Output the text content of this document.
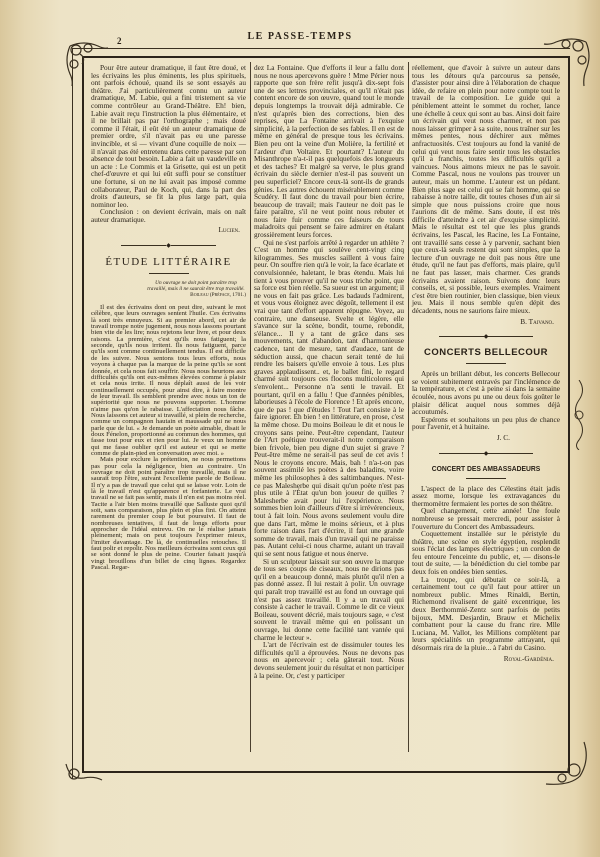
2	LE PASSE-TEMPS

Pour être auteur dramatique, il faut être doué, et les écrivains les plus éminents, les plus spirituels, ont parfois échoué, quand ils se sont essayés au théâtre. J'ai particulièrement connu un auteur dramatique, M. Labie, qui a fini tristement sa vie comme contrôleur au Grand-Théâtre. Eh! bien, Labie avait reçu l'instruction la plus élémentaire, et il ne brillait pas par l'orthographe ; mais doué comme il l'était, il eût été un auteur dramatique de premier ordre, s'il n'avait pas eu une paresse invincible, et si — vivant d'une coquille de noix — il n'avait pas été entretenu dans cette paresse par son absence de tout besoin. Labie a fait un vaudeville en un acte : Le Commis et la Grisette, qui est un petit chef-d'œuvre et qui lui eût suffi pour se constituer une fortune, si on ne lui avait pas imposé comme collaborateur, Paul de Koch, qui, dans la part des droits d'auteurs, se fit la plus large part, quia nominor leo.

Conclusion : on devient écrivain, mais on naît auteur dramatique.

Lucien.
◆
ÉTUDE LITTÉRAIRE
Un ouvrage ne doit point paraître trop travaillé, mais il ne saurait être trop travaillé.
Boileau (Préface, 1701.)

Il est des écrivains dont on peut dire, suivant le mot célèbre, que leurs ouvrages sentent l'huile. Ces écrivains là sont très ennuyeux. Si au premier abord, cet air de travail trompe notre jugement, nous nous lassons pourtant bien vite de les lire; nous rejetons leur livre, et pour deux raisons. La première, c'est qu'ils nous fatiguent; la seconde, qu'ils nous irritent. Ils nous fatiguent, parce qu'ils sont comme continuellement tendus. Il est difficile de les suivre. Nous sentons tous leurs efforts, nous voyons à chaque pas la marque de la peine qu'ils se sont donnée, et cela nous fait souffrir. Nous nous heurtons aux difficultés qu'ils ont eux-mêmes élevées comme à plaisir et cela nous irrite. Il nous déplaît aussi de les voir continuellement occupés, pour ainsi dire, à faire montre de leur travail. Ils semblent prendre avec nous un ton de supériorité que nous ne pouvons supporter. L'homme n'aime pas qu'on le rabaisse. L'affectation nous fâche. Nous laissons cet auteur si travaillé, si plein de recherche, comme un compagnon hautain et maussade qui ne nous parle que de lui. « Je demande un poète aimable, disait le doux Fénelon, proportionné au commun des hommes, qui fasse tout pour eux et rien pour lui. Je veux un homme qui me fasse oublier qu'il est auteur et qui se mette comme de plain-pied en conversation avec moi. »

Mais pour exclure la prétention, ne nous permettons pas pour cela la négligence, bien au contraire. Un ouvrage ne doit point paraître trop travaillé, mais il ne saurait trop l'être, suivant l'excellente parole de Boileau. Il n'y a pas de travail que celui qui se laisse voir. Loin de là le travail n'est qu'apparence et forfanterie. Le vrai travail ne se fait pas sentir, mais il n'en est pas moins réel. Tacite a l'air bien moins travaillé que Salluste quoi qu'il soit, sans comparaison, plus plein et plus fini. On atteint rarement du premier coup le but poursuivi. Il faut de nombreuses tentatives, il faut de longs efforts pour approcher de l'idéal entrevu. On ne le réalise jamais pleinement; mais on peut toujours l'exprimer mieux, l'imiter davantage. De là, de continuelles retouches. Il faut polir et repolir. Nos meilleurs écrivains sont ceux qui se sont donné le plus de peine. Courier faisait jusqu'à vingt brouillons d'un billet de cinq lignes. Regardez Pascal. Regar-

dez La Fontaine. Que d'efforts il leur a fallu dont nous ne nous apercevons guère ! Mme Périer nous rapporte que son frère refit jusqu'à dix-sept fois une de ses lettres provinciales, et qu'il n'était pas content encore de son œuvre, quand tout le monde depuis longtemps la trouvait déjà admirable. Ce n'est qu'après bien des corrections, bien des reprises, que La Fontaine arrivait à l'exquise simplicité, à la perfection de ses fables. Il en est de même en général de presque tous les écrivains. Bien peu ont la veine d'un Molière, la fertilité et l'ardeur d'un Voltaire. Et pourtant? L'auteur du Misanthrope n'a-t-il pas quelquefois des longueurs et des taches? Et malgré sa verve, le plus grand écrivain du siècle dernier n'est-il pas souvent un peu superficiel? Encore ceux-là sont-ils de grands génies. Les autres échouent misérablement comme Scudéry. Il faut donc du travail pour bien écrire, beaucoup de travail; mais l'auteur ne doit pas le faire paraître, s'il ne veut point nous rebuter et nous faire fuir comme ces faiseurs de tours maladroits qui pensent se faire admirer en étalant grossièrement leurs forces.

Qui ne s'est parfois arrêté à regarder un athlète ? C'est un homme qui soulève cent-vingt cinq kilogrammes. Ses muscles saillent à vous faire peur. On souffre rien qu'à le voir, la face écarlate et convulsionnée, haletant, le bras étendu. Mais lui tient à vous prouver qu'il ne vous triche point, que sa force est bien réelle. Sa sueur est un argument; il ne vous en fait pas grâce. Les badauds l'admirent, et vous vous éloignez avec dégoût, tellement il est vrai que tant d'effort apparent répugne. Voyez, au contraire, une danseuse. Svelte et légère, elle s'avance sur la scène, bondit, tourne, rebondit, s'élance... Il y a tant de grâce dans ses mouvements, tant d'abandon, tant d'harmonieuse cadence, tant de mesure, tant d'audace, tant de séduction aussi, que chacun serait tenté de lui rendre les baisers qu'elle envoie à tous. Les plus graves applaudissent.. et, le ballet fini, le regard charmé suit toujours ces flocons multicolores qui s'envolent... Personne n'a senti le travail. Et pourtant, qu'il en a fallu ! Que d'années pénibles, laborieuses à l'école de Florence ! Et après encore, que de pas ! que d'études ! Tout l'art consiste à le faire ignorer. Eh bien ! en littérature, en prose, c'est la même chose. Du moins Boileau le dit et nous le croyons sans peine. Peut-être cependant, l'auteur de l'Art poétique trouverait-il notre comparaison bien frivole, bien peu digne d'un sujet si grave ? Peut-être même ne serait-il pas seul de cet avis ! Nous le croyons encore. Mais, bah ! n'a-t-on pas souvent assimilé les poètes à des baladins, voire même les philosophes à des saltimbanques. N'est-ce pas Malesherbe qui disait qu'un poète n'est pas plus utile à l'État qu'un bon joueur de quilles ? Malesherbe avait pour lui l'expérience. Nous sommes bien loin d'ailleurs d'être si irrévérencieux, tout à fait loin. Nous avons seulement voulu dire que dans l'art, même le moins sérieux, et à plus forte raison dans l'art d'écrire, il faut une grande somme de travail, mais d'un travail qui ne paraisse pas. Autant celui-ci nous charme, autant un travail qui se sent nous fatigue et nous énerve.

Si un sculpteur laissait sur son œuvre la marque de tous ses coups de ciseaux, nous ne dirions pas qu'il en a beaucoup donné, mais plutôt qu'il n'en a pas donné assez. Il lui restait à polir. Un ouvrage qui paraît trop travaillé est au fond un ouvrage qui n'est pas assez travaillé. Il y a un travail qui consiste à cacher le travail. Comme le dit ce vieux Boileau, souvent décrié, mais toujours sage, « c'est souvent le travail même qui en polissant un ouvrage, lui donne cette facilité tant vantée qui charme le lecteur ».

L'art de l'écrivain est de dissimuler toutes les difficultés qu'il a éprouvées. Nous ne devons pas nous en apercevoir ; cela gâterait tout. Nous devons seulement jouir du résultat et non participer à la peine. Or, c'est y participer

réellement, que d'avoir à suivre un auteur dans tous les détours qu'a parcourus sa pensée, d'assister pour ainsi dire à l'élaboration de chaque idée, de refaire en plein pour notre compte tout le travail de la composition. Le guide qui a péniblement atteint le sommet du rocher, lance une échelle à ceux qui sont au bas. Ainsi doit faire un écrivain qui veut nous charmer, et non pas nous laisser grimper à sa suite, nous traîner sur les mêmes pentes, nous déchirer aux mêmes anfractuosités. C'est toujours au fond la vanité de celui qui veut nous faire sentir tous les obstacles qu'il a franchis, toutes les difficultés qu'il a vaincues. Nous aimons mieux ne pas le savoir. Comme Pascal, nous ne voulons pas trouver un auteur, mais un homme. L'auteur est un pédant. Bien plus sage est celui qui se fait homme, qui se rabaisse à notre taille, dit toutes choses d'un air si simple que nous puissions croire que nous l'aurions dit de même. Sans doute, il est très difficile d'atteindre à cet air d'exquise simplicité. Mais le résultat est tel que les plus grands écrivains, les Pascal, les Racine, les La Fontaine, ont travaillé sans cesse à y parvenir, sachant bien que ceux-là seuls restent qui sont simples, que la lecture d'un ouvrage ne doit pas nous être une étude, qu'il ne faut pas d'efforts, mais plaire, qu'il ne faut pas lasser, mais charmer. Ces grands écrivains avaient raison. Suivons donc leurs conseils, et, si possible, leurs exemples. Vraiment c'est être bien routinier, bien classique, bien vieux jeu. Mais il nous semble qu'en dépit des décadents, nous ne saurions faire mieux.

B. Taivano.
◆
CONCERTS BELLECOUR

Après un brillant début, les concerts Bellecour se voient subitement entravés par l'inclémence de la température, et c'est à peine si dans la semaine écoulée, nous avons pu une ou deux fois goûter le plaisir délicat auquel nous sommes déjà accoutumés.

Espérons et souhaitons un peu plus de chance pour l'avenir, et à huitaine.

J. C.
◆
CONCERT DES AMBASSADEURS

L'aspect de la place des Célestins était jadis assez morne, lorsque les extravagances du thermomètre fermaient les portes de son théâtre.

Quel changement, cette année! Une foule nombreuse se pressait mercredi, pour assister à l'ouverture du Concert des Ambassadeurs.

Coquettement installée sur le péristyle du théâtre, une scène en style égyptien, resplendit sous l'éclat des lampes électriques ; un cordon de feu entoure l'enceinte du public, et, — disons-le tout de suite, — la bénédiction du ciel tombe par deux fois en ondées bien senties.

La troupe, qui débutait ce soir-là, a certainement tout ce qu'il faut pour attirer un nombreux public. Mmes Rinaldi, Bertin, Richemond rivalisent de gaité excentrique, les deux Berthommié-Zentz sont parfois de petits bijoux, MM. Desjardin, Brauw et Michelix combattent pour la cause du franc rire. Mlle Luciana, M. Vallot, les Millions complètent par leurs spécialités un programme attrayant, qui désormais rira de la pluie... à l'abri du Casino.

Royal-Gardénia.
